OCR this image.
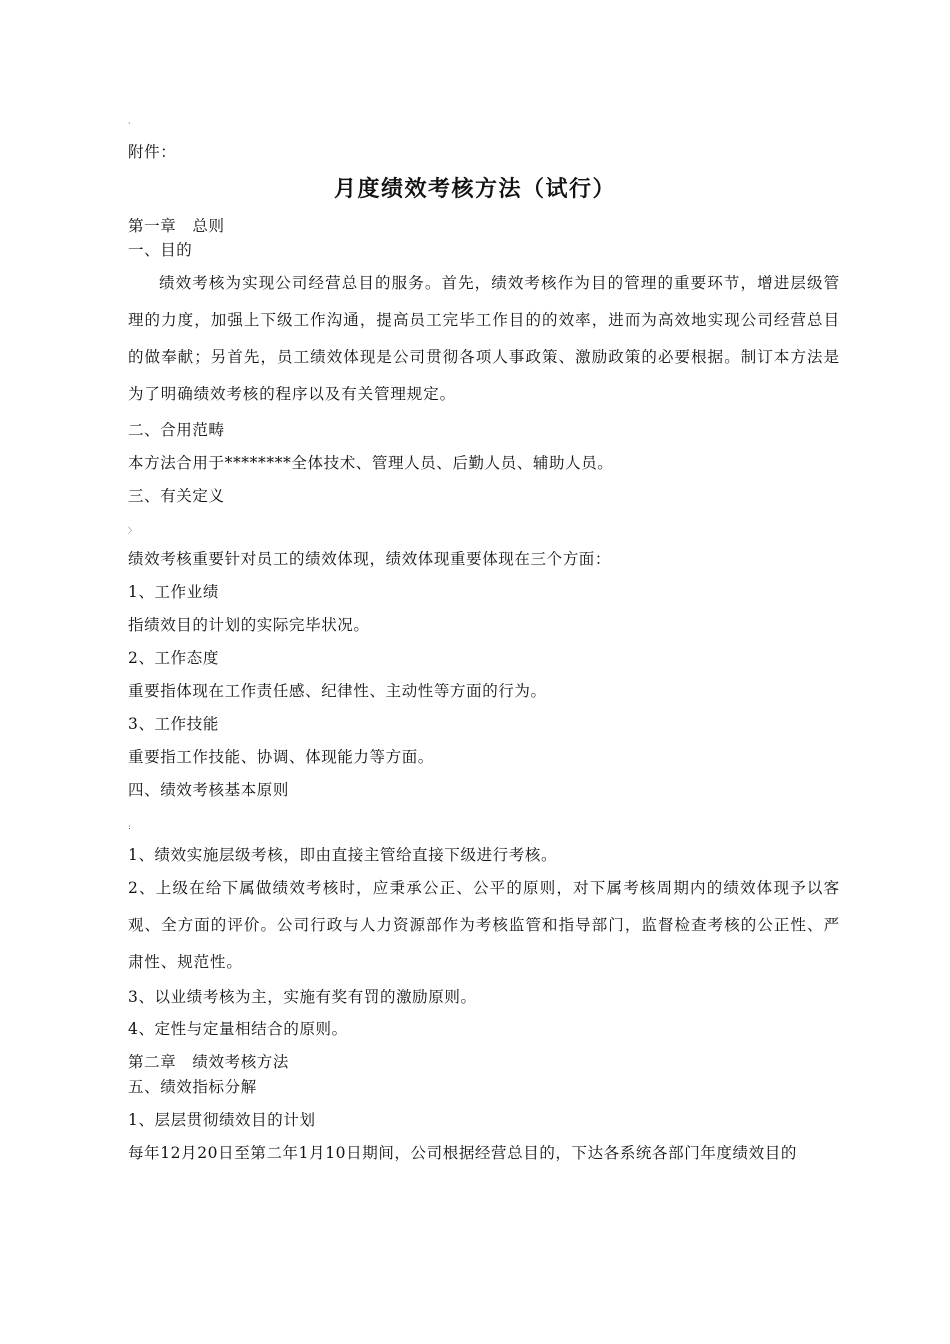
·
附件：
月度绩效考核方法（试行）
第一章　总则
一、目的
绩效考核为实现公司经营总目的服务。首先，绩效考核作为目的管理的重要环节，增进层级管理的力度，加强上下级工作沟通，提高员工完毕工作目的的效率，进而为高效地实现公司经营总目的做奉献；另首先，员工绩效体现是公司贯彻各项人事政策、激励政策的必要根据。制订本方法是为了明确绩效考核的程序以及有关管理规定。
二、合用范畴
本方法合用于********全体技术、管理人员、后勤人员、辅助人员。
三、有关定义
〉
绩效考核重要针对员工的绩效体现，绩效体现重要体现在三个方面：
1、工作业绩
指绩效目的计划的实际完毕状况。
2、工作态度
重要指体现在工作责任感、纪律性、主动性等方面的行为。
3、工作技能
重要指工作技能、协调、体现能力等方面。
四、绩效考核基本原则
:
1、绩效实施层级考核，即由直接主管给直接下级进行考核。
2、上级在给下属做绩效考核时，应秉承公正、公平的原则，对下属考核周期内的绩效体现予以客观、全方面的评价。公司行政与人力资源部作为考核监管和指导部门，监督检查考核的公正性、严肃性、规范性。
3、以业绩考核为主，实施有奖有罚的激励原则。
4、定性与定量相结合的原则。
第二章　绩效考核方法
五、绩效指标分解
1、层层贯彻绩效目的计划
每年12月20日至第二年1月10日期间，公司根据经营总目的，下达各系统各部门年度绩效目的
